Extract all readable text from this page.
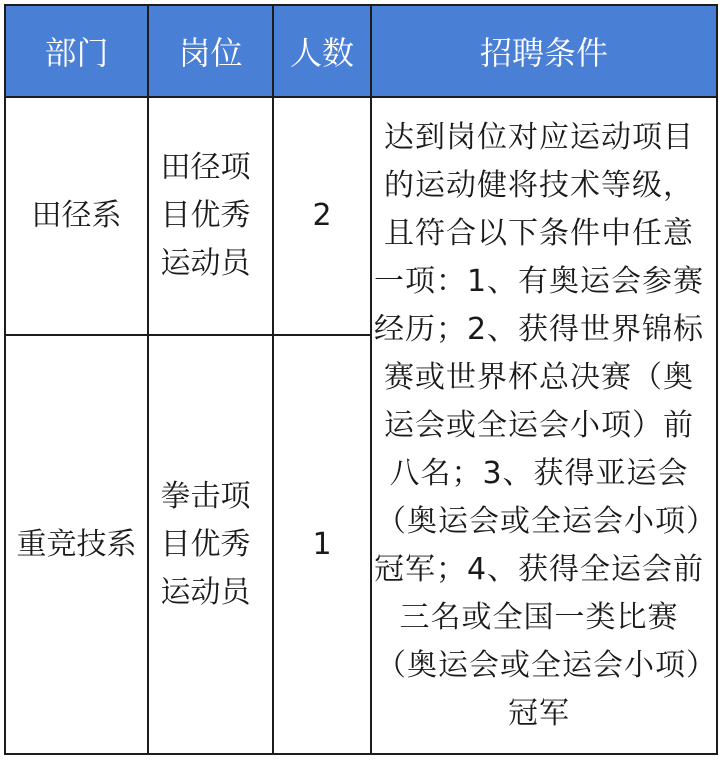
部门	岗位	人数	招聘条件
田径系	田径项目优秀运动员	2	达到岗位对应运动项目的运动健将技术等级，且符合以下条件中任意一项：1、有奥运会参赛经历；2、获得世界锦标赛或世界杯总决赛（奥运会或全运会小项）前八名；3、获得亚运会（奥运会或全运会小项）冠军；4、获得全运会前三名或全国一类比赛（奥运会或全运会小项）冠军

重竞技系	拳击项目优秀运动员	1	
